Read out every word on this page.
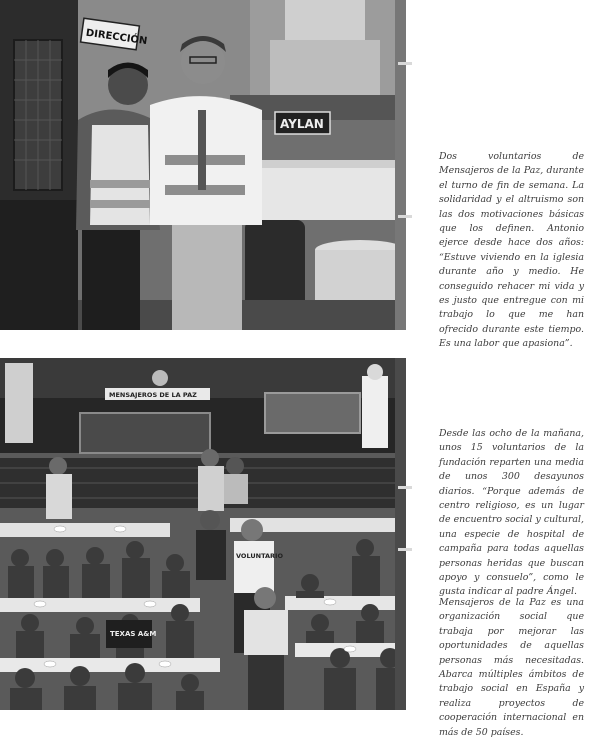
DIRECCIÓN
AYLAN
MENSAJEROS DE LA PAZ
VOLUNTARIO
TEXAS A&M

Dos voluntarios de Mensajeros de la Paz, durante el turno de fin de semana. La solidaridad y el altruismo son las dos motivaciones básicas que los definen. Antonio ejerce desde hace dos años: “Estuve viviendo en la iglesia durante año y medio. He conseguido rehacer mi vida y es justo que entregue con mi trabajo lo que me han ofrecido durante este tiempo. Es una labor que apasiona”.

Desde las ocho de la mañana, unos 15 voluntarios de la fundación reparten una media de unos 300 desayunos diarios. “Porque además de centro religioso, es un lugar de encuentro social y cultural, una especie de hospital de campaña para todas aquellas personas heridas que buscan apoyo y consuelo”, como le gusta indicar al padre Ángel.

Mensajeros de la Paz es una organización social que trabaja por mejorar las oportunidades de aquellas personas más necesitadas. Abarca múltiples ámbitos de trabajo social en España y realiza proyectos de cooperación internacional en más de 50 países.
